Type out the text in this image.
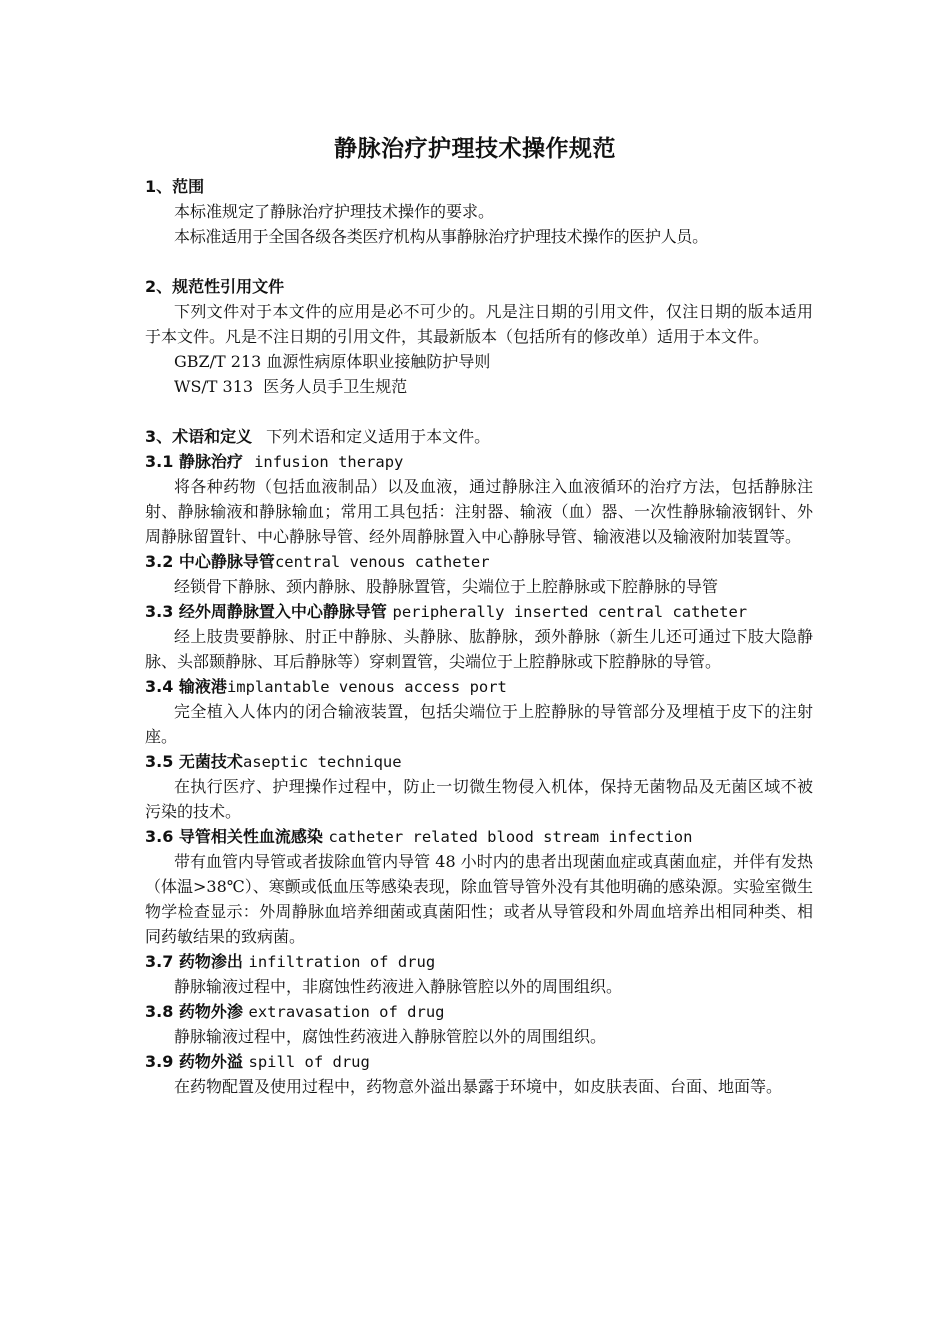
静脉治疗护理技术操作规范
1、范围
本标准规定了静脉治疗护理技术操作的要求。
本标准适用于全国各级各类医疗机构从事静脉治疗护理技术操作的医护人员。
2、规范性引用文件
下列文件对于本文件的应用是必不可少的。凡是注日期的引用文件，仅注日期的版本适用于本文件。凡是不注日期的引用文件，其最新版本（包括所有的修改单）适用于本文件。
GBZ/T 213 血源性病原体职业接触防护导则
WS/T 313  医务人员手卫生规范
3、术语和定义 下列术语和定义适用于本文件。
3.1 静脉治疗 infusion therapy
将各种药物（包括血液制品）以及血液，通过静脉注入血液循环的治疗方法，包括静脉注射、静脉输液和静脉输血；常用工具包括：注射器、输液（血）器、一次性静脉输液钢针、外周静脉留置针、中心静脉导管、经外周静脉置入中心静脉导管、输液港以及输液附加装置等。
3.2 中心静脉导管central venous catheter
经锁骨下静脉、颈内静脉、股静脉置管，尖端位于上腔静脉或下腔静脉的导管
3.3 经外周静脉置入中心静脉导管 peripherally inserted central catheter
经上肢贵要静脉、肘正中静脉、头静脉、肱静脉，颈外静脉（新生儿还可通过下肢大隐静脉、头部颞静脉、耳后静脉等）穿刺置管，尖端位于上腔静脉或下腔静脉的导管。
3.4 输液港implantable venous access port
完全植入人体内的闭合输液装置，包括尖端位于上腔静脉的导管部分及埋植于皮下的注射座。
3.5 无菌技术aseptic technique
在执行医疗、护理操作过程中，防止一切微生物侵入机体，保持无菌物品及无菌区域不被污染的技术。
3.6 导管相关性血流感染 catheter related blood stream infection
带有血管内导管或者拔除血管内导管 48 小时内的患者出现菌血症或真菌血症，并伴有发热（体温>38℃）、寒颤或低血压等感染表现，除血管导管外没有其他明确的感染源。实验室微生物学检查显示：外周静脉血培养细菌或真菌阳性；或者从导管段和外周血培养出相同种类、相同药敏结果的致病菌。
3.7 药物渗出 infiltration of drug
静脉输液过程中，非腐蚀性药液进入静脉管腔以外的周围组织。
3.8 药物外渗 extravasation of drug
静脉输液过程中，腐蚀性药液进入静脉管腔以外的周围组织。
3.9 药物外溢 spill of drug
在药物配置及使用过程中，药物意外溢出暴露于环境中，如皮肤表面、台面、地面等。
